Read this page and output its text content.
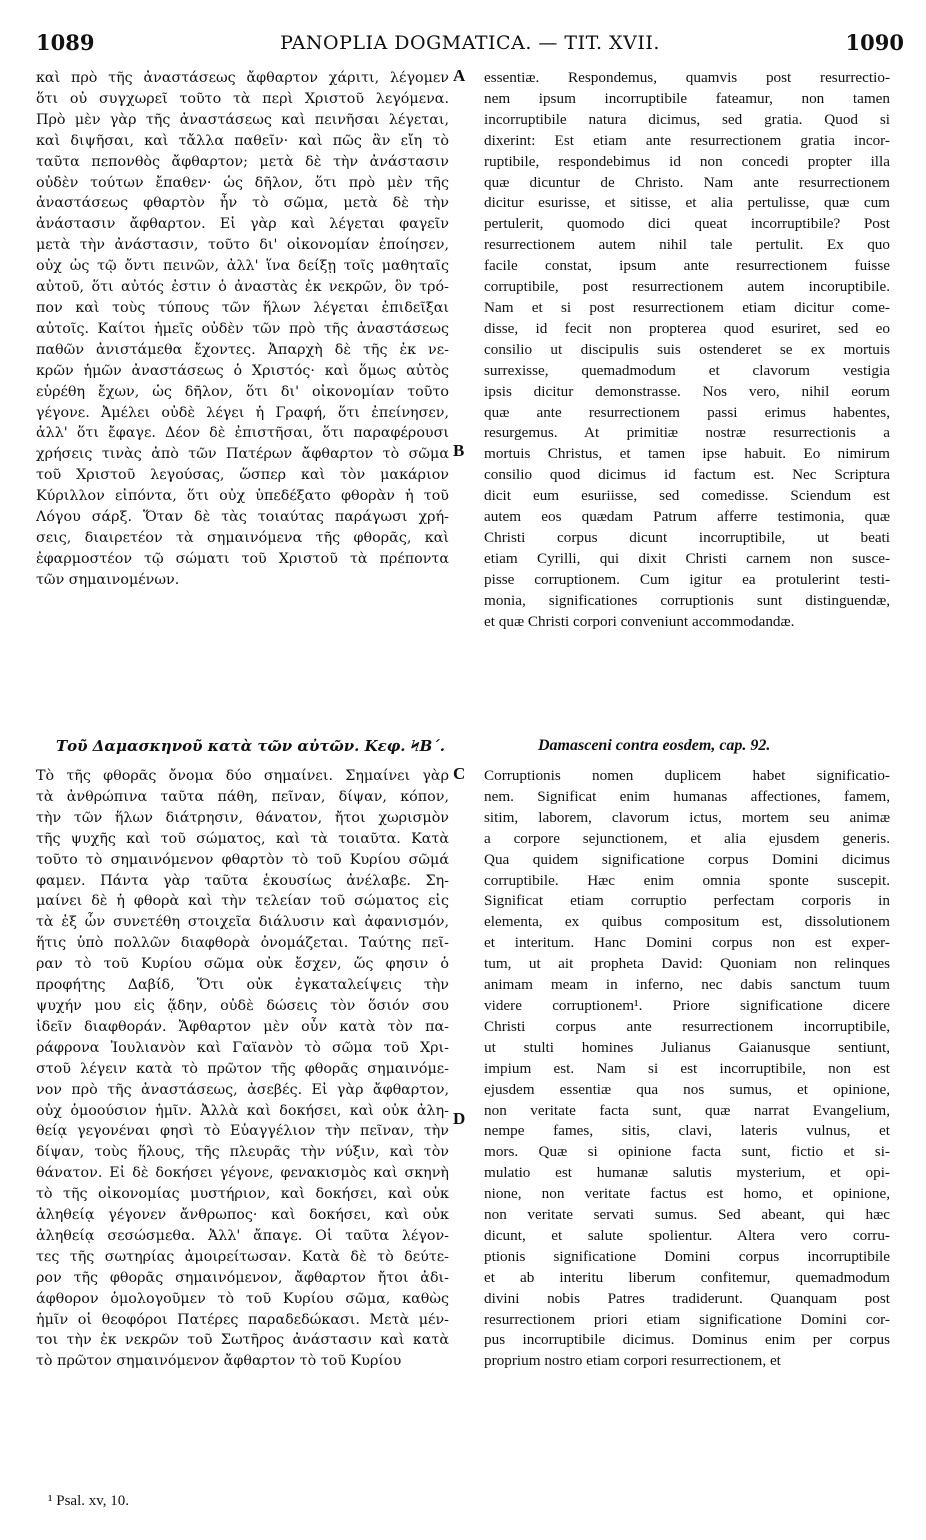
1089	PANOPLIA DOGMATICA. — TIT. XVII.	1090
καὶ πρὸ τῆς ἀναστάσεως ἄφθαρτον χάριτι, λέγομεν
ὅτι οὐ συγχωρεῖ τοῦτο τὰ περὶ Χριστοῦ λεγόμενα.
Πρὸ μὲν γὰρ τῆς ἀναστάσεως καὶ πεινῆσαι λέγεται,
καὶ διψῆσαι, καὶ τἄλλα παθεῖν· καὶ πῶς ἂν εἴη τὸ
ταῦτα πεπονθὸς ἄφθαρτον; μετὰ δὲ τὴν ἀνάστασιν
οὐδὲν τούτων ἔπαθεν· ὡς δῆλον, ὅτι πρὸ μὲν τῆς
ἀναστάσεως φθαρτὸν ἦν τὸ σῶμα, μετὰ δὲ τὴν
ἀνάστασιν ἄφθαρτον. Εἰ γὰρ καὶ λέγεται φαγεῖν
μετὰ τὴν ἀνάστασιν, τοῦτο δι' οἰκονομίαν ἐποίησεν,
οὐχ ὡς τῷ ὄντι πεινῶν, ἀλλ' ἵνα δείξῃ τοῖς μαθηταῖς
αὐτοῦ, ὅτι αὐτός ἐστιν ὁ ἀναστὰς ἐκ νεκρῶν, ὃν τρό-
πον καὶ τοὺς τύπους τῶν ἥλων λέγεται ἐπιδεῖξαι
αὐτοῖς. Καίτοι ἡμεῖς οὐδὲν τῶν πρὸ τῆς ἀναστάσεως
παθῶν ἀνιστάμεθα ἔχοντες. Ἀπαρχὴ δὲ τῆς ἐκ νε-
κρῶν ἡμῶν ἀναστάσεως ὁ Χριστός· καὶ ὅμως αὐτὸς
εὑρέθη ἔχων, ὡς δῆλον, ὅτι δι' οἰκονομίαν τοῦτο
γέγονε. Ἀμέλει οὐδὲ λέγει ἡ Γραφή, ὅτι ἐπείνησεν,
ἀλλ' ὅτι ἔφαγε. Δέον δὲ ἐπιστῆσαι, ὅτι παραφέρουσι
χρήσεις τινὰς ἀπὸ τῶν Πατέρων ἄφθαρτον τὸ σῶμα
τοῦ Χριστοῦ λεγούσας, ὥσπερ καὶ τὸν μακάριον
Κύριλλον εἰπόντα, ὅτι οὐχ ὑπεδέξατο φθορὰν ἡ τοῦ
Λόγου σάρξ. Ὅταν δὲ τὰς τοιαύτας παράγωσι χρή-
σεις, διαιρετέον τὰ σημαινόμενα τῆς φθορᾶς, καὶ
ἐφαρμοστέον τῷ σώματι τοῦ Χριστοῦ τὰ πρέποντα
τῶν σημαινομένων.
essentiæ. Respondemus, quamvis post resurrectio-
nem ipsum incorruptibile fateamur, non tamen
incorruptibile natura dicimus, sed gratia. Quod si
dixerint: Est etiam ante resurrectionem gratia incor-
ruptibile, respondebimus id non concedi propter illa
quæ dicuntur de Christo. Nam ante resurrectionem
dicitur esurisse, et sitisse, et alia pertulisse, quæ cum
pertulerit, quomodo dici queat incorruptibile? Post
resurrectionem autem nihil tale pertulit. Ex quo
facile constat, ipsum ante resurrectionem fuisse
corruptibile, post resurrectionem autem incoruptibile.
Nam et si post resurrectionem etiam dicitur come-
disse, id fecit non propterea quod esuriret, sed eo
consilio ut discipulis suis ostenderet se ex mortuis
surrexisse, quemadmodum et clavorum vestigia
ipsis dicitur demonstrasse. Nos vero, nihil eorum
quæ ante resurrectionem passi erimus habentes,
resurgemus. At primitiæ nostræ resurrectionis a
mortuis Christus, et tamen ipse habuit. Eo nimirum
consilio quod dicimus id factum est. Nec Scriptura
dicit eum esuriisse, sed comedisse. Sciendum est
autem eos quædam Patrum afferre testimonia, quæ
Christi corpus dicunt incorruptibile, ut beati
etiam Cyrilli, qui dixit Christi carnem non susce-
pisse corruptionem. Cum igitur ea protulerint testi-
monia, significationes corruptionis sunt distinguendæ,
et quæ Christi corpori conveniunt accommodandæ.
A
B
C
D
Τοῦ Δαμασκηνοῦ κατὰ τῶν αὐτῶν. Κεφ. ϞΒ΄.	Damasceni contra eosdem, cap. 92.
Τὸ τῆς φθορᾶς ὄνομα δύο σημαίνει. Σημαίνει γὰρ
τὰ ἀνθρώπινα ταῦτα πάθη, πεῖναν, δίψαν, κόπον,
τὴν τῶν ἥλων διάτρησιν, θάνατον, ἤτοι χωρισμὸν
τῆς ψυχῆς καὶ τοῦ σώματος, καὶ τὰ τοιαῦτα. Κατὰ
τοῦτο τὸ σημαινόμενον φθαρτὸν τὸ τοῦ Κυρίου σῶμά
φαμεν. Πάντα γὰρ ταῦτα ἑκουσίως ἀνέλαβε. Ση-
μαίνει δὲ ἡ φθορὰ καὶ τὴν τελείαν τοῦ σώματος εἰς
τὰ ἐξ ὧν συνετέθη στοιχεῖα διάλυσιν καὶ ἀφανισμόν,
ἥτις ὑπὸ πολλῶν διαφθορὰ ὀνομάζεται. Ταύτης πεῖ-
ραν τὸ τοῦ Κυρίου σῶμα οὐκ ἔσχεν, ὥς φησιν ὁ
προφήτης Δαβίδ, Ὅτι οὐκ ἐγκαταλείψεις τὴν
ψυχήν μου εἰς ᾅδην, οὐδὲ δώσεις τὸν ὅσιόν σου
ἰδεῖν διαφθοράν. Ἄφθαρτον μὲν οὖν κατὰ τὸν πα-
ράφρονα Ἰουλιανὸν καὶ Γαϊανὸν τὸ σῶμα τοῦ Χρι-
στοῦ λέγειν κατὰ τὸ πρῶτον τῆς φθορᾶς σημαινόμε-
νον πρὸ τῆς ἀναστάσεως, ἀσεβές. Εἰ γὰρ ἄφθαρτον,
οὐχ ὁμοούσιον ἡμῖν. Ἀλλὰ καὶ δοκήσει, καὶ οὐκ ἀλη-
θείᾳ γεγονέναι φησὶ τὸ Εὐαγγέλιον τὴν πεῖναν, τὴν
δίψαν, τοὺς ἥλους, τῆς πλευρᾶς τὴν νύξιν, καὶ τὸν
θάνατον. Εἰ δὲ δοκήσει γέγονε, φενακισμὸς καὶ σκηνὴ
τὸ τῆς οἰκονομίας μυστήριον, καὶ δοκήσει, καὶ οὐκ
ἀληθείᾳ γέγονεν ἄνθρωπος· καὶ δοκήσει, καὶ οὐκ
ἀληθείᾳ σεσώσμεθα. Ἀλλ' ἄπαγε. Οἱ ταῦτα λέγον-
τες τῆς σωτηρίας ἀμοιρείτωσαν. Κατὰ δὲ τὸ δεύτε-
ρον τῆς φθορᾶς σημαινόμενον, ἄφθαρτον ἤτοι ἀδι-
άφθορον ὁμολογοῦμεν τὸ τοῦ Κυρίου σῶμα, καθὼς
ἡμῖν οἱ θεοφόροι Πατέρες παραδεδώκασι. Μετὰ μέν-
τοι τὴν ἐκ νεκρῶν τοῦ Σωτῆρος ἀνάστασιν καὶ κατὰ
τὸ πρῶτον σημαινόμενον ἄφθαρτον τὸ τοῦ Κυρίου
Corruptionis nomen duplicem habet significatio-
nem. Significat enim humanas affectiones, famem,
sitim, laborem, clavorum ictus, mortem seu animæ
a corpore sejunctionem, et alia ejusdem generis.
Qua quidem significatione corpus Domini dicimus
corruptibile. Hæc enim omnia sponte suscepit.
Significat etiam corruptio perfectam corporis in
elementa, ex quibus compositum est, dissolutionem
et interitum. Hanc Domini corpus non est exper-
tum, ut ait propheta David: Quoniam non relinques
animam meam in inferno, nec dabis sanctum tuum
videre corruptionem¹. Priore significatione dicere
Christi corpus ante resurrectionem incorruptibile,
ut stulti homines Julianus Gaianusque sentiunt,
impium est. Nam si est incorruptibile, non est
ejusdem essentiæ qua nos sumus, et opinione,
non veritate facta sunt, quæ narrat Evangelium,
nempe fames, sitis, clavi, lateris vulnus, et
mors. Quæ si opinione facta sunt, fictio et si-
mulatio est humanæ salutis mysterium, et opi-
nione, non veritate factus est homo, et opinione,
non veritate servati sumus. Sed abeant, qui hæc
dicunt, et salute spolientur. Altera vero corru-
ptionis significatione Domini corpus incorruptibile
et ab interitu liberum confitemur, quemadmodum
divini nobis Patres tradiderunt. Quanquam post
resurrectionem priori etiam significatione Domini cor-
pus incorruptibile dicimus. Dominus enim per corpus
proprium nostro etiam corpori resurrectionem, et
¹ Psal. xv, 10.
